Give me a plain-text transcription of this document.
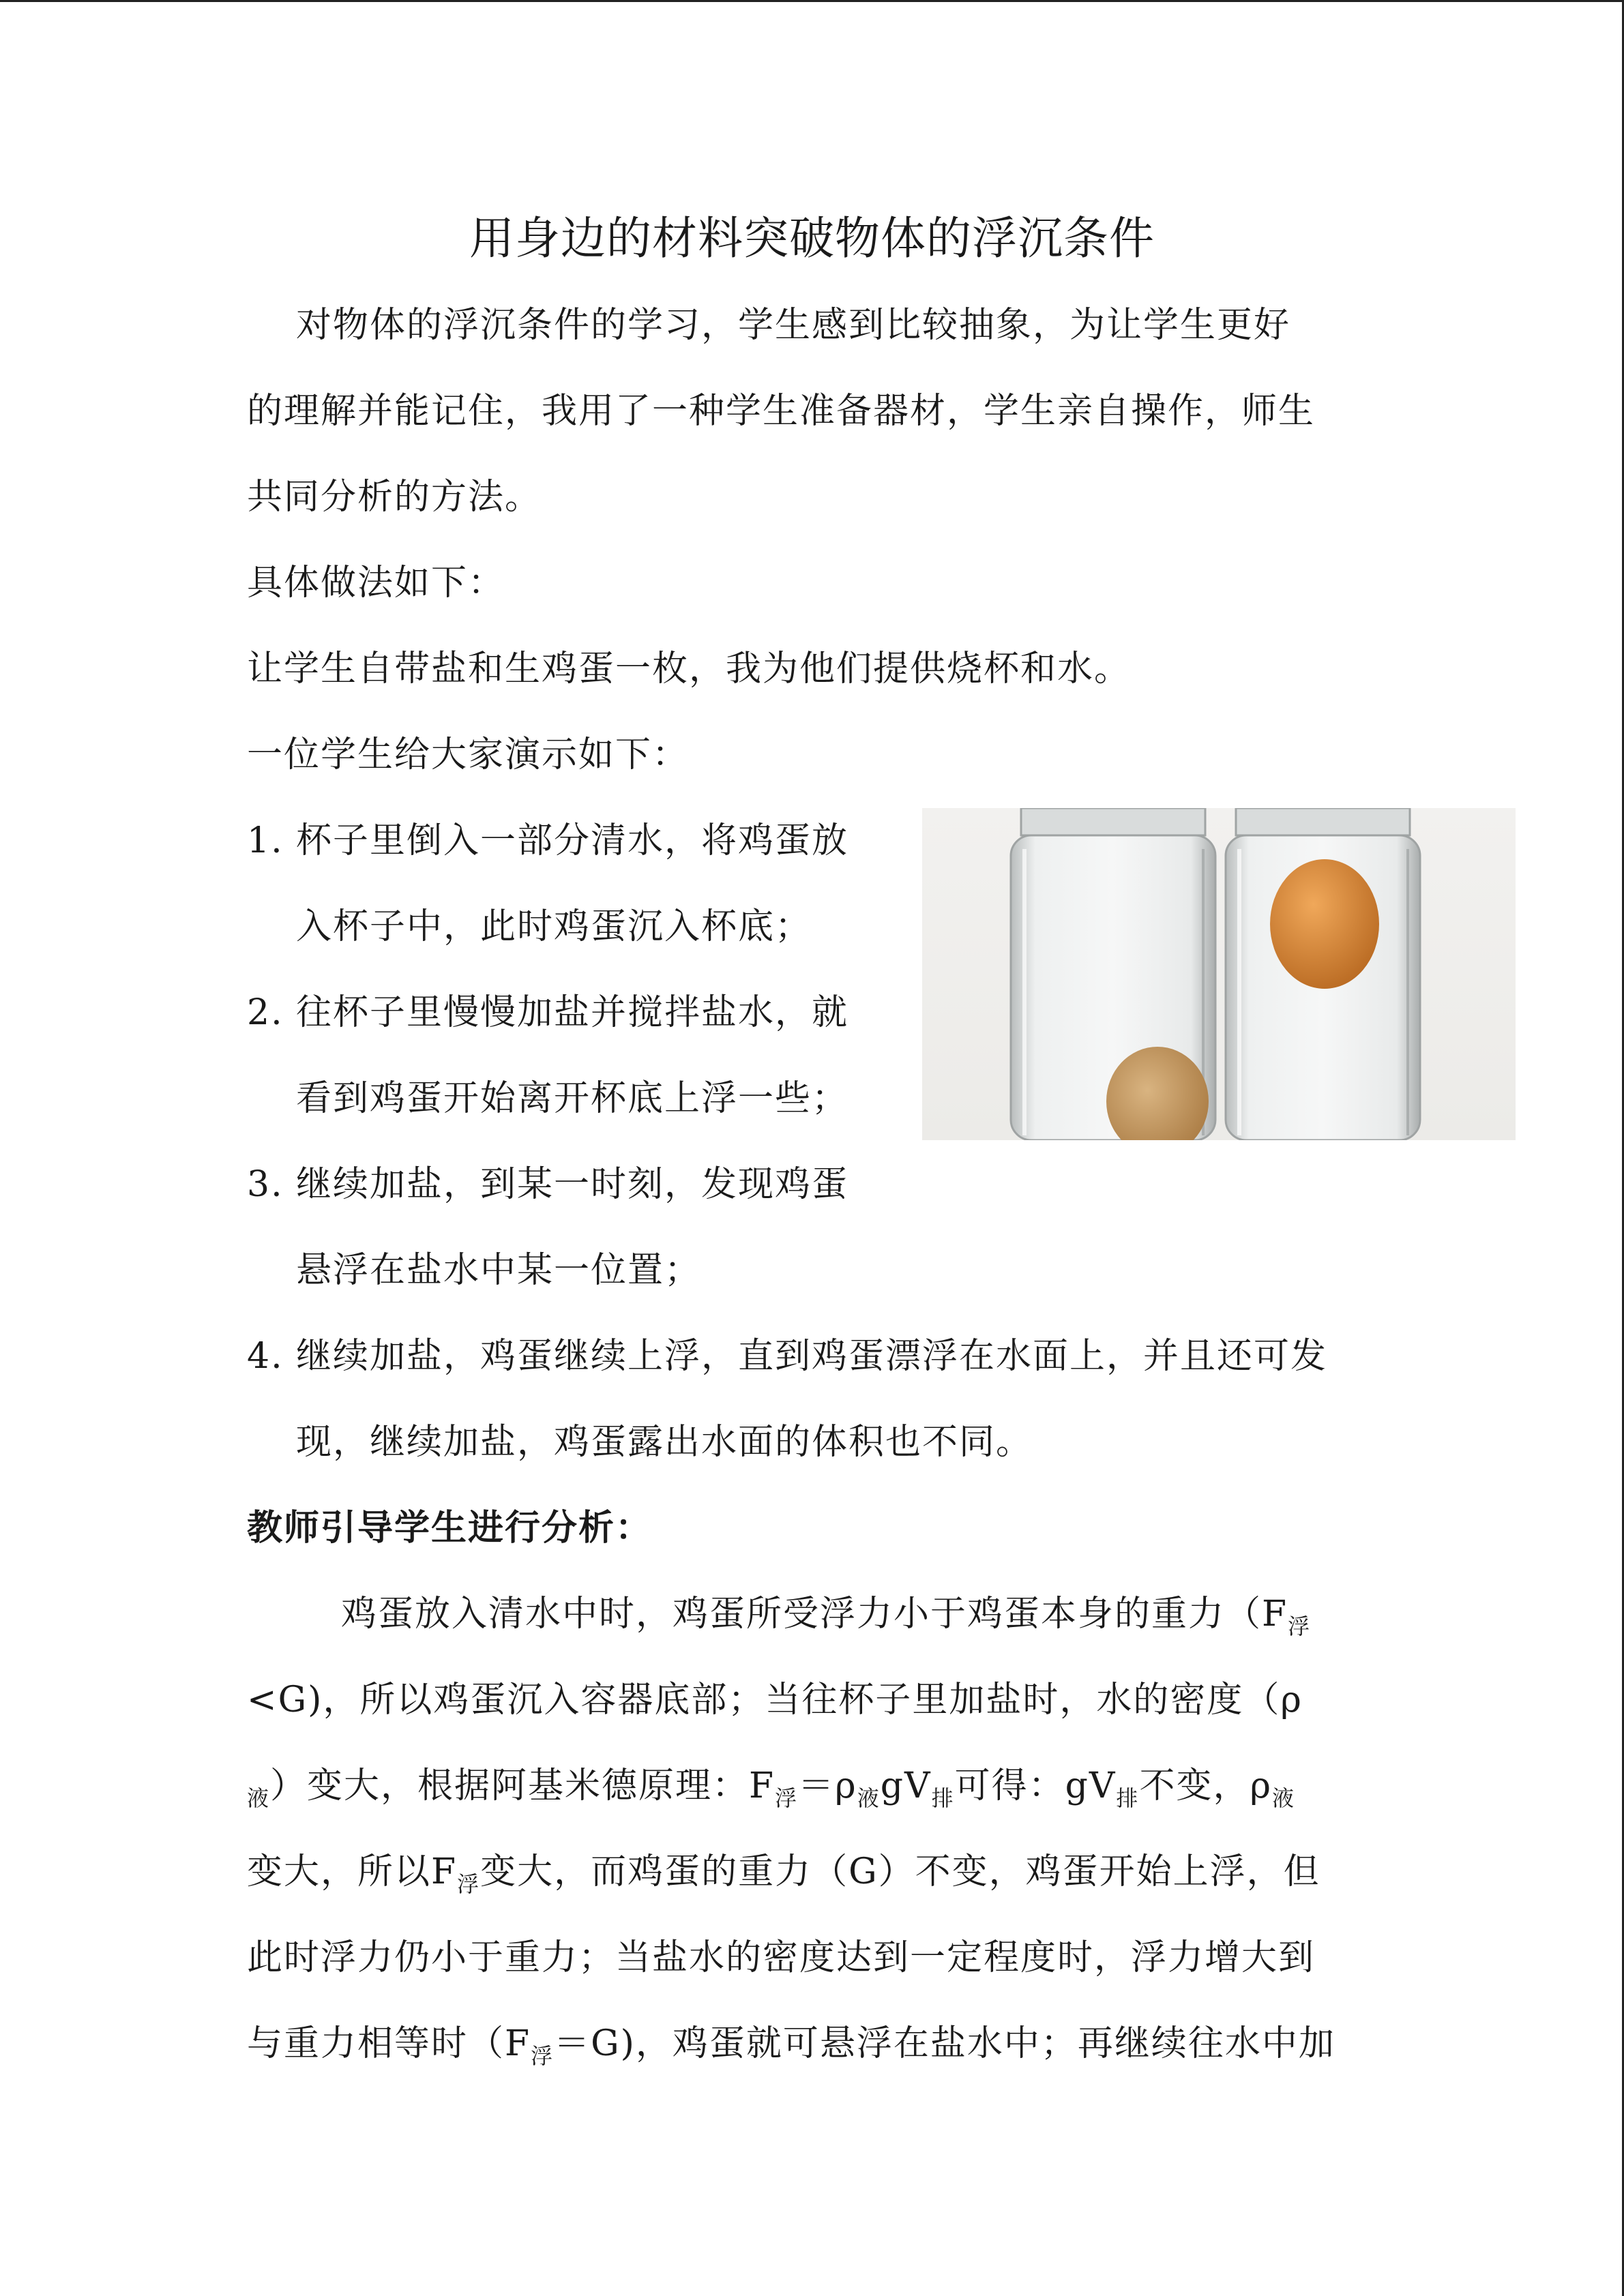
用身边的材料突破物体的浮沉条件
对物体的浮沉条件的学习，学生感到比较抽象，为让学生更好
的理解并能记住，我用了一种学生准备器材，学生亲自操作，师生
共同分析的方法。
具体做法如下：
让学生自带盐和生鸡蛋一枚，我为他们提供烧杯和水。
一位学生给大家演示如下：
1. 杯子里倒入一部分清水，将鸡蛋放
入杯子中，此时鸡蛋沉入杯底；
2. 往杯子里慢慢加盐并搅拌盐水，就
看到鸡蛋开始离开杯底上浮一些；
3. 继续加盐，到某一时刻，发现鸡蛋
悬浮在盐水中某一位置；
4. 继续加盐，鸡蛋继续上浮，直到鸡蛋漂浮在水面上，并且还可发
现，继续加盐，鸡蛋露出水面的体积也不同。
教师引导学生进行分析：
鸡蛋放入清水中时，鸡蛋所受浮力小于鸡蛋本身的重力（$F_浮$
<G)，所以鸡蛋沉入容器底部；当往杯子里加盐时，水的密度（ρ
$_液$）变大，根据阿基米德原理：$F_浮=\rho_液gV_排$可得：$gV_排$不变，$\rho_液$
变大，所以$F_浮$变大，而鸡蛋的重力（G）不变，鸡蛋开始上浮，但
此时浮力仍小于重力；当盐水的密度达到一定程度时，浮力增大到
与重力相等时$(F_浮=G)$，鸡蛋就可悬浮在盐水中；再继续往水中加
